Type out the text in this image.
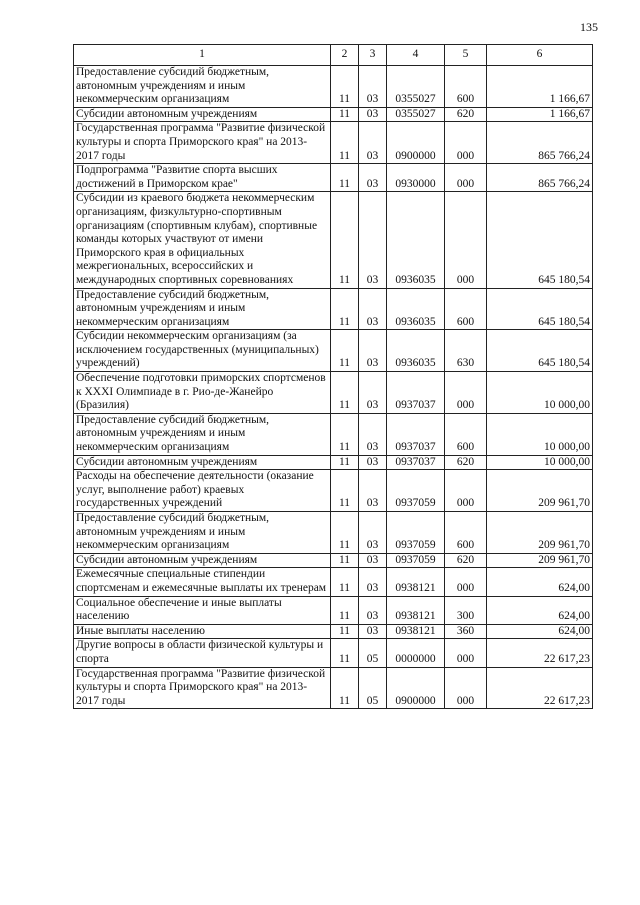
135
1	2	3	4	5	6
Предоставление субсидий бюджетным, автономным учреждениям и иным некоммерческим организациям	11	03	0355027	600	1 166,67
Субсидии автономным учреждениям	11	03	0355027	620	1 166,67
Государственная программа "Развитие физической культуры и спорта Приморского края" на 2013-2017 годы	11	03	0900000	000	865 766,24
Подпрограмма "Развитие спорта высших достижений в Приморском крае"	11	03	0930000	000	865 766,24
Субсидии из краевого бюджета некоммерческим организациям, физкультурно-спортивным организациям (спортивным клубам), спортивные команды которых участвуют от имени Приморского края в официальных межрегиональных, всероссийских и международных спортивных соревнованиях	11	03	0936035	000	645 180,54
Предоставление субсидий бюджетным, автономным учреждениям и иным некоммерческим организациям	11	03	0936035	600	645 180,54
Субсидии некоммерческим организациям (за исключением государственных (муниципальных) учреждений)	11	03	0936035	630	645 180,54
Обеспечение подготовки приморских спортсменов к XXXI Олимпиаде в г. Рио-де-Жанейро (Бразилия)	11	03	0937037	000	10 000,00
Предоставление субсидий бюджетным, автономным учреждениям и иным некоммерческим организациям	11	03	0937037	600	10 000,00
Субсидии автономным учреждениям	11	03	0937037	620	10 000,00
Расходы на обеспечение деятельности (оказание услуг, выполнение работ) краевых государственных учреждений	11	03	0937059	000	209 961,70
Предоставление субсидий бюджетным, автономным учреждениям и иным некоммерческим организациям	11	03	0937059	600	209 961,70
Субсидии автономным учреждениям	11	03	0937059	620	209 961,70
Ежемесячные специальные стипендии спортсменам и ежемесячные выплаты их тренерам	11	03	0938121	000	624,00
Социальное обеспечение и иные выплаты населению	11	03	0938121	300	624,00
Иные выплаты населению	11	03	0938121	360	624,00
Другие вопросы в области физической культуры и спорта	11	05	0000000	000	22 617,23
Государственная программа "Развитие физической культуры и спорта Приморского края" на 2013-2017 годы	11	05	0900000	000	22 617,23
